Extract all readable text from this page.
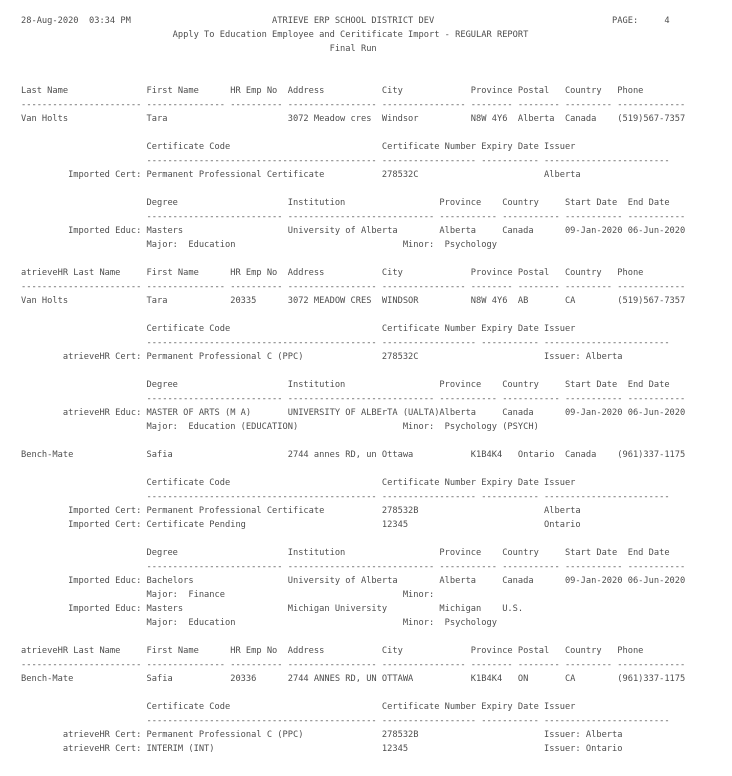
28-Aug-2020  03:34 PM                           ATRIEVE ERP SCHOOL DISTRICT DEV                                  PAGE:     4
Apply To Education Employee and Ceritificate Import - REGULAR REPORT
Final Run
Last Name               First Name      HR Emp No  Address           City             Province Postal   Country   Phone
----------------------- --------------- ---------- ----------------- ---------------- -------- -------- --------- -------------
Van Holts               Tara                       3072 Meadow cres  Windsor          N8W 4Y6  Alberta  Canada    (519)567-7357
Certificate Code                             Certificate Number Expiry Date Issuer
-------------------------------------------- ------------------ ----------- ------------------------
Imported Cert: Permanent Professional Certificate           278532C                        Alberta
Degree                     Institution                  Province    Country     Start Date  End Date
-------------------------- ---------------------------- ----------- ----------- ----------- -----------
Imported Educ: Masters                    University of Alberta        Alberta     Canada      09-Jan-2020 06-Jun-2020
Major:  Education                                Minor:  Psychology
atrieveHR Last Name     First Name      HR Emp No  Address           City             Province Postal   Country   Phone
----------------------- --------------- ---------- ----------------- ---------------- -------- -------- --------- -------------
Van Holts               Tara            20335      3072 MEADOW CRES  WINDSOR          N8W 4Y6  AB       CA        (519)567-7357
Certificate Code                             Certificate Number Expiry Date Issuer
-------------------------------------------- ------------------ ----------- ------------------------
atrieveHR Cert: Permanent Professional C (PPC)               278532C                        Issuer: Alberta
Degree                     Institution                  Province    Country     Start Date  End Date
-------------------------- ---------------------------- ----------- ----------- ----------- -----------
atrieveHR Educ: MASTER OF ARTS (M A)       UNIVERSITY OF ALBErTA (UALTA)Alberta     Canada      09-Jan-2020 06-Jun-2020
Major:  Education (EDUCATION)                    Minor:  Psychology (PSYCH)
Bench-Mate              Safia                      2744 annes RD, un Ottawa           K1B4K4   Ontario  Canada    (961)337-1175
Certificate Code                             Certificate Number Expiry Date Issuer
-------------------------------------------- ------------------ ----------- ------------------------
Imported Cert: Permanent Professional Certificate           278532B                        Alberta
Imported Cert: Certificate Pending                          12345                          Ontario
Degree                     Institution                  Province    Country     Start Date  End Date
-------------------------- ---------------------------- ----------- ----------- ----------- -----------
Imported Educ: Bachelors                  University of Alberta        Alberta     Canada      09-Jan-2020 06-Jun-2020
Major:  Finance                                  Minor:
Imported Educ: Masters                    Michigan University          Michigan    U.S.
Major:  Education                                Minor:  Psychology
atrieveHR Last Name     First Name      HR Emp No  Address           City             Province Postal   Country   Phone
----------------------- --------------- ---------- ----------------- ---------------- -------- -------- --------- -------------
Bench-Mate              Safia           20336      2744 ANNES RD, UN OTTAWA           K1B4K4   ON       CA        (961)337-1175
Certificate Code                             Certificate Number Expiry Date Issuer
-------------------------------------------- ------------------ ----------- ------------------------
atrieveHR Cert: Permanent Professional C (PPC)               278532B                        Issuer: Alberta
atrieveHR Cert: INTERIM (INT)                                12345                          Issuer: Ontario
